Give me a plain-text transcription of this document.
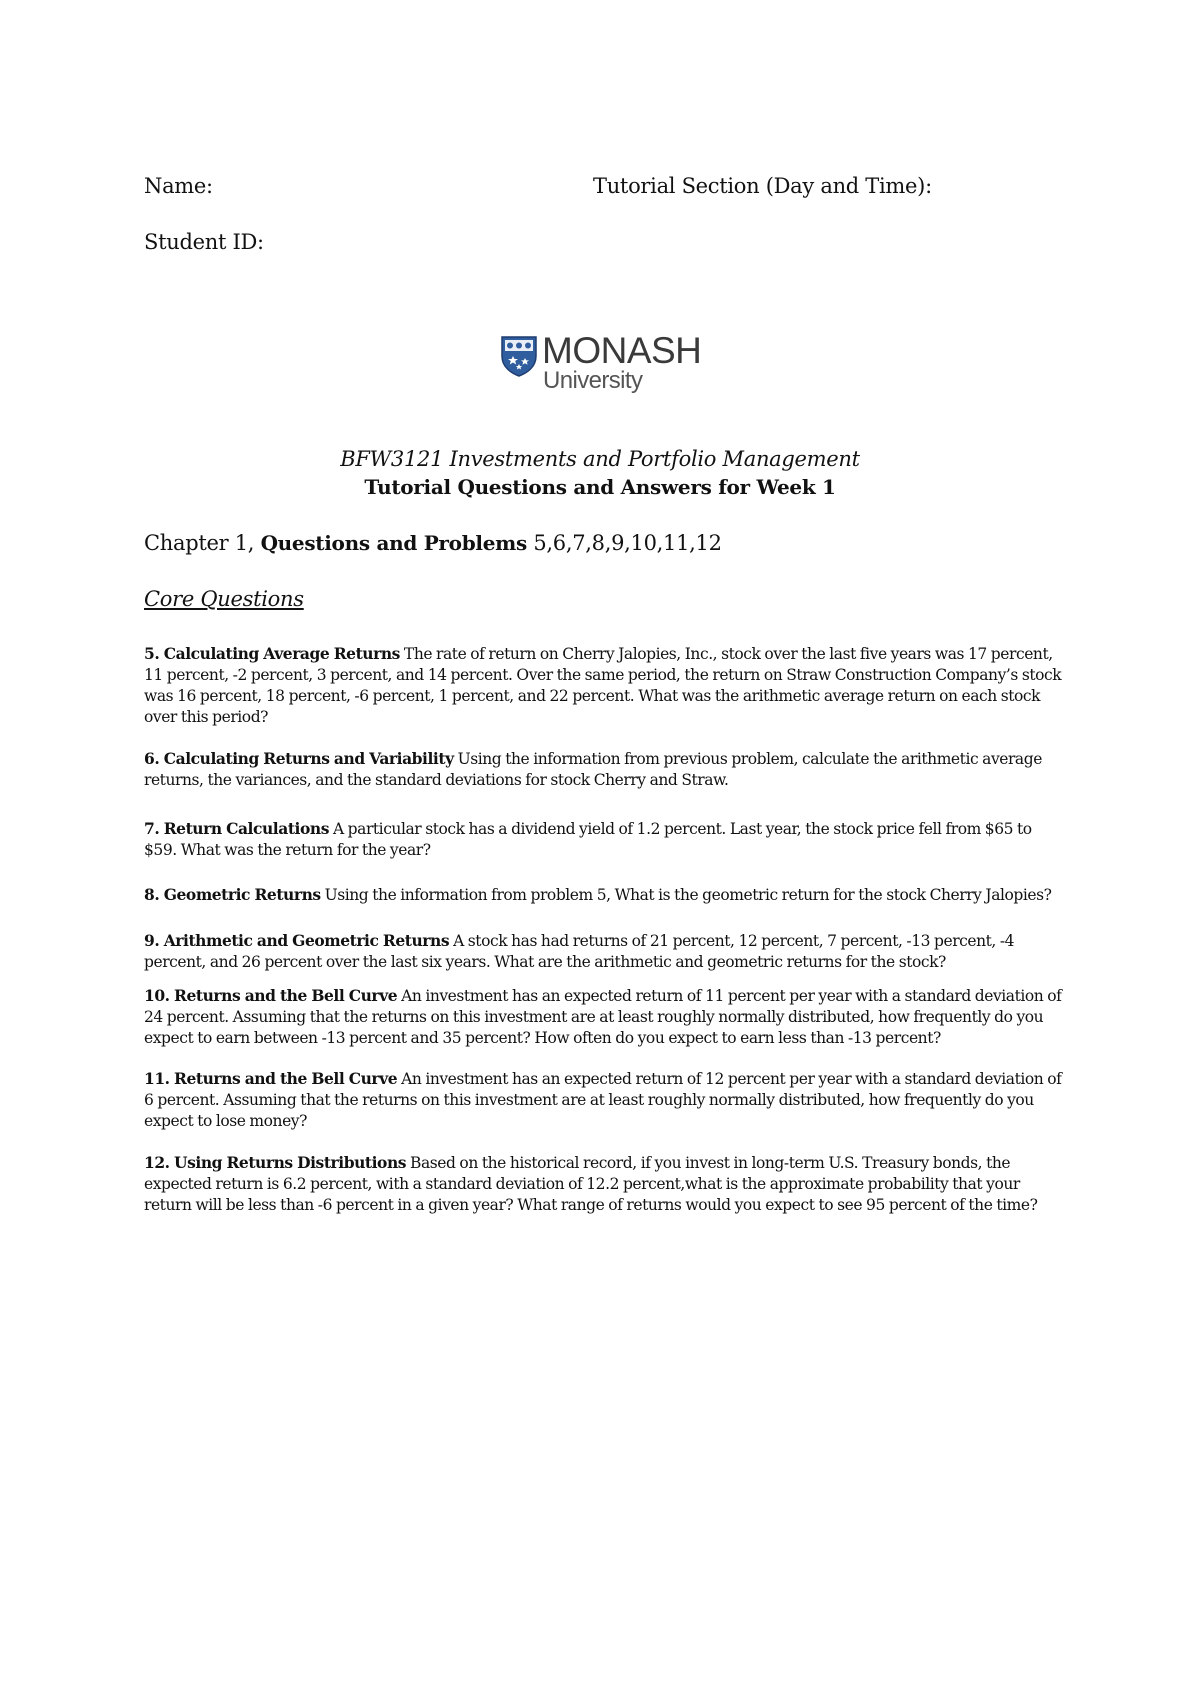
Name:	Tutorial Section (Day and Time):
Student ID:
MONASH
University
BFW3121 Investments and Portfolio Management
Tutorial Questions and Answers for Week 1
Chapter 1, Questions and Problems 5,6,7,8,9,10,11,12
Core Questions
5. Calculating Average Returns The rate of return on Cherry Jalopies, Inc., stock over the last five years was 17 percent, 11 percent, -2 percent, 3 percent, and 14 percent. Over the same period, the return on Straw Construction Company’s stock was 16 percent, 18 percent, -6 percent, 1 percent, and 22 percent. What was the arithmetic average return on each stock over this period?
6. Calculating Returns and Variability Using the information from previous problem, calculate the arithmetic average returns, the variances, and the standard deviations for stock Cherry and Straw.
7. Return Calculations A particular stock has a dividend yield of 1.2 percent. Last year, the stock price fell from $65 to $59. What was the return for the year?
8. Geometric Returns Using the information from problem 5, What is the geometric return for the stock Cherry Jalopies?
9. Arithmetic and Geometric Returns A stock has had returns of 21 percent, 12 percent, 7 percent, -13 percent, -4 percent, and 26 percent over the last six years. What are the arithmetic and geometric returns for the stock?
10. Returns and the Bell Curve An investment has an expected return of 11 percent per year with a standard deviation of 24 percent. Assuming that the returns on this investment are at least roughly normally distributed, how frequently do you expect to earn between -13 percent and 35 percent? How often do you expect to earn less than -13 percent?
11. Returns and the Bell Curve An investment has an expected return of 12 percent per year with a standard deviation of 6 percent. Assuming that the returns on this investment are at least roughly normally distributed, how frequently do you expect to lose money?
12. Using Returns Distributions Based on the historical record, if you invest in long-term U.S. Treasury bonds, the expected return is 6.2 percent, with a standard deviation of 12.2 percent,what is the approximate probability that your return will be less than -6 percent in a given year? What range of returns would you expect to see 95 percent of the time?
